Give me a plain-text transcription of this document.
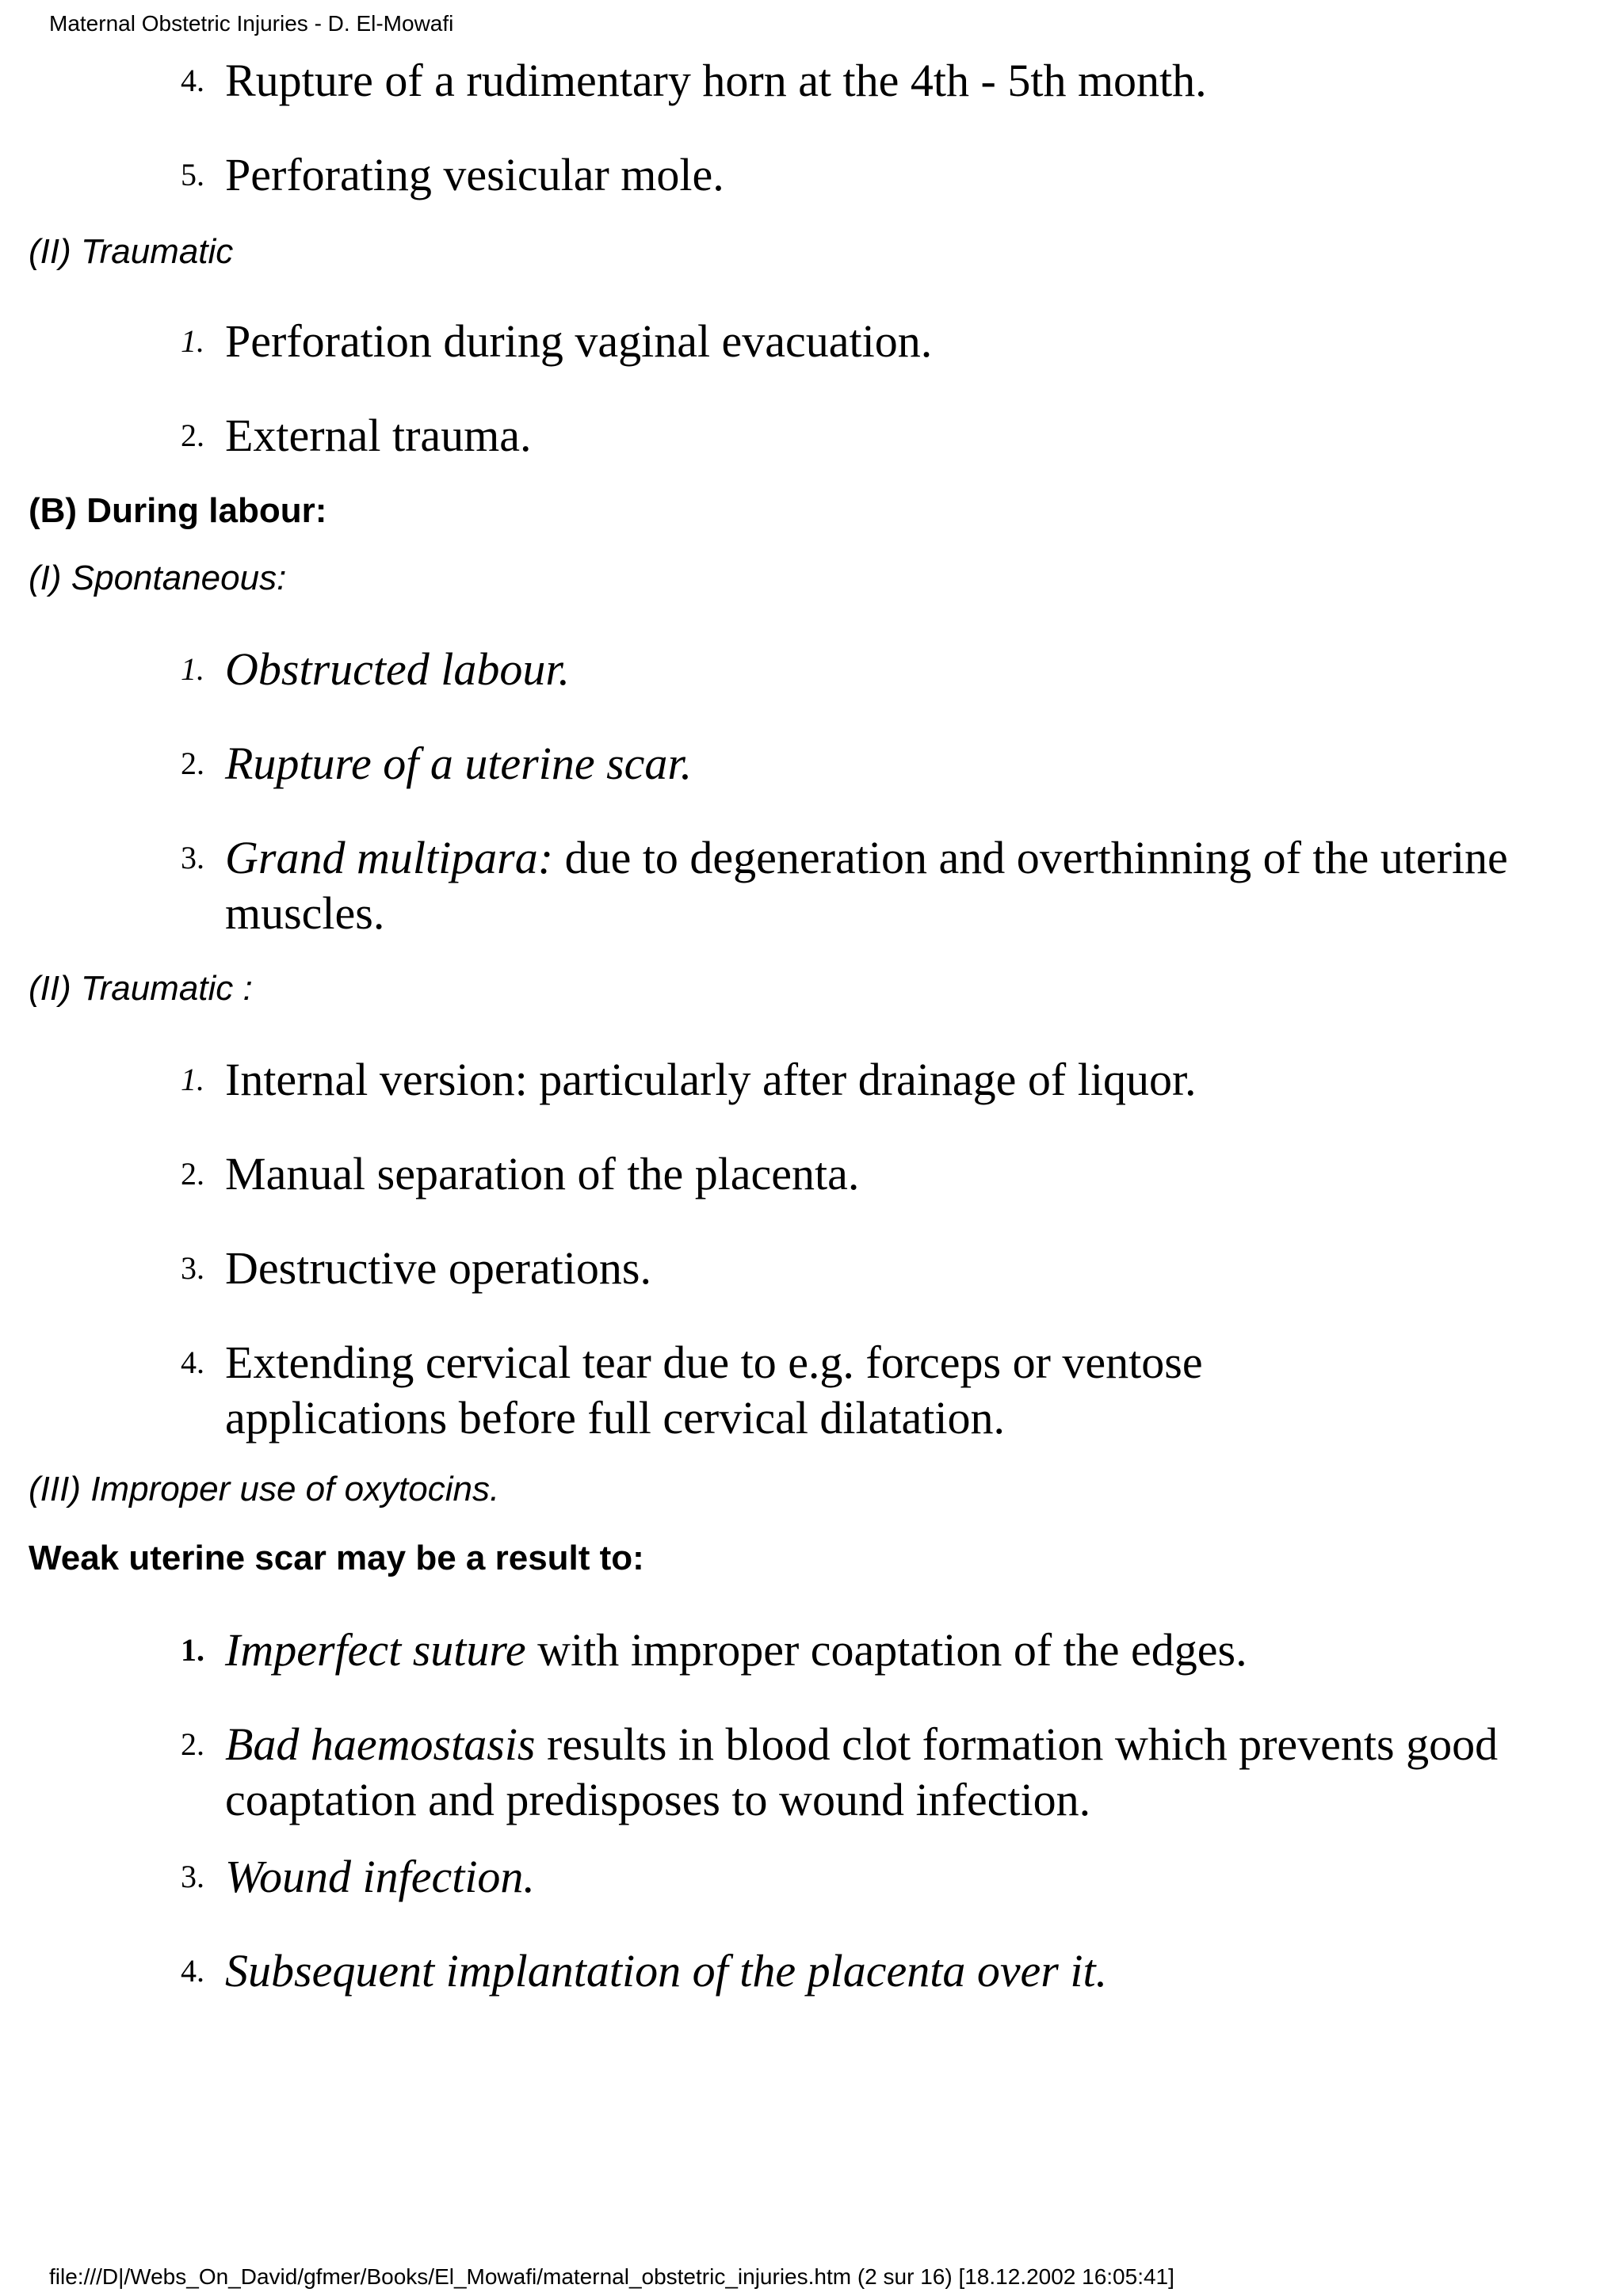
Maternal Obstetric Injuries - D. El-Mowafi
4. Rupture of a rudimentary horn at the 4th - 5th month.
5. Perforating vesicular mole.
(II) Traumatic
1. Perforation during vaginal evacuation.
2. External trauma.
(B) During labour:
(I) Spontaneous:
1. Obstructed labour.
2. Rupture of a uterine scar.
3. Grand multipara: due to degeneration and overthinning of the uterine muscles.
(II) Traumatic :
1. Internal version: particularly after drainage of liquor.
2. Manual separation of the placenta.
3. Destructive operations.
4. Extending cervical tear due to e.g. forceps or ventose applications before full cervical dilatation.
(III) Improper use of oxytocins.
Weak uterine scar may be a result to:
1. Imperfect suture with improper coaptation of the edges.
2. Bad haemostasis results in blood clot formation which prevents good coaptation and predisposes to wound infection.
3. Wound infection.
4. Subsequent implantation of the placenta over it.
file:///D|/Webs_On_David/gfmer/Books/El_Mowafi/maternal_obstetric_injuries.htm (2 sur 16) [18.12.2002 16:05:41]
